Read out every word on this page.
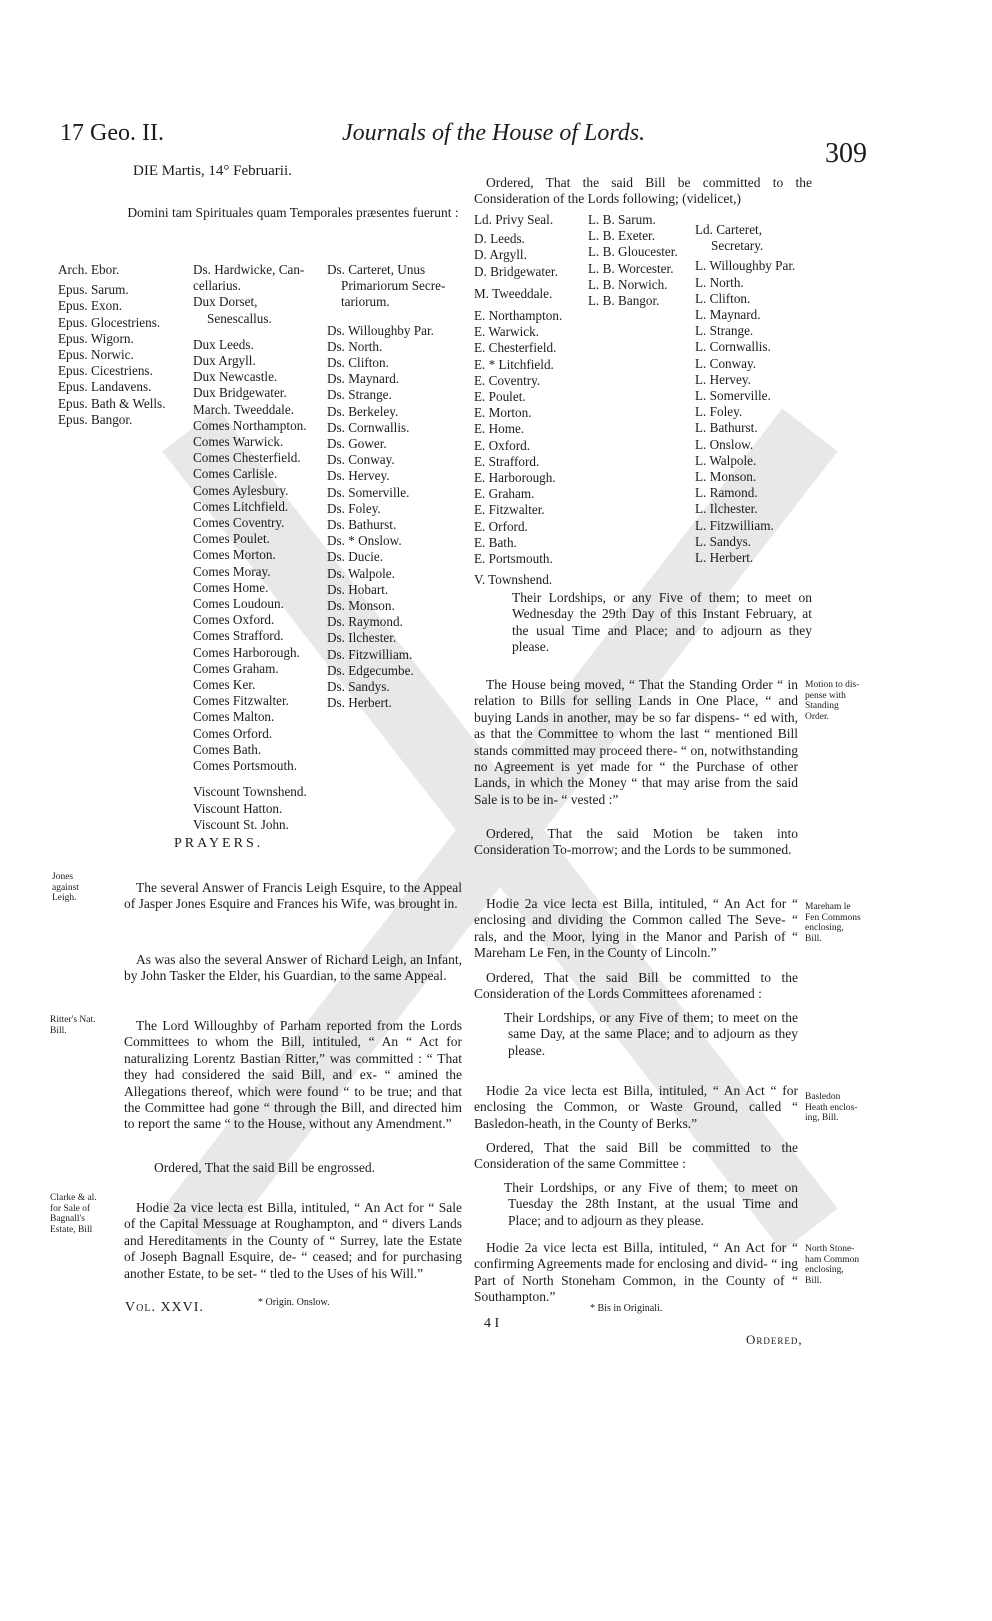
17 Geo. II.	Journals of the House of Lords.
309
DIE Martis, 14° Februarii.
Domini tam Spirituales quam Temporales præsentes fuerunt :
Arch. Ebor.
Epus. Sarum.
Epus. Exon.
Epus. Glocestriens.
Epus. Wigorn.
Epus. Norwic.
Epus. Cicestriens.
Epus. Landavens.
Epus. Bath & Wells.
Epus. Bangor.
Ds. Hardwicke, Can-
cellarius.
Dux Dorset,
Senescallus.
Dux Leeds.
Dux Argyll.
Dux Newcastle.
Dux Bridgewater.
March. Tweeddale.
Comes Northampton.
Comes Warwick.
Comes Chesterfield.
Comes Carlisle.
Comes Aylesbury.
Comes Litchfield.
Comes Coventry.
Comes Poulet.
Comes Morton.
Comes Moray.
Comes Home.
Comes Loudoun.
Comes Oxford.
Comes Strafford.
Comes Harborough.
Comes Graham.
Comes Ker.
Comes Fitzwalter.
Comes Malton.
Comes Orford.
Comes Bath.
Comes Portsmouth.
Viscount Townshend.
Viscount Hatton.
Viscount St. John.
Ds. Carteret, Unus
Primariorum Secre-
tariorum.
Ds. Willoughby Par.
Ds. North.
Ds. Clifton.
Ds. Maynard.
Ds. Strange.
Ds. Berkeley.
Ds. Cornwallis.
Ds. Gower.
Ds. Conway.
Ds. Hervey.
Ds. Somerville.
Ds. Foley.
Ds. Bathurst.
Ds. * Onslow.
Ds. Ducie.
Ds. Walpole.
Ds. Hobart.
Ds. Monson.
Ds. Raymond.
Ds. Ilchester.
Ds. Fitzwilliam.
Ds. Edgecumbe.
Ds. Sandys.
Ds. Herbert.
PRAYERS.
Jones
against
Leigh.
Ritter's Nat.
Bill.
Clarke & al.
for Sale of
Bagnall's
Estate, Bill
The several Answer of Francis Leigh Esquire, to the Appeal of Jasper Jones Esquire and Frances his Wife, was brought in.
As was also the several Answer of Richard Leigh, an Infant, by John Tasker the Elder, his Guardian, to the same Appeal.
The Lord Willoughby of Parham reported from the Lords Committees to whom the Bill, intituled, “ An “ Act for naturalizing Lorentz Bastian Ritter,” was committed : “ That they had considered the said Bill, and ex- “ amined the Allegations thereof, which were found “ to be true; and that the Committee had gone “ through the Bill, and directed him to report the same “ to the House, without any Amendment.”
Ordered, That the said Bill be engrossed.
Hodie 2a vice lecta est Billa, intituled, “ An Act for “ Sale of the Capital Messuage at Roughampton, and “ divers Lands and Hereditaments in the County of “ Surrey, late the Estate of Joseph Bagnall Esquire, de- “ ceased; and for purchasing another Estate, to be set- “ tled to the Uses of his Will.”
* Origin. Onslow.
Vol. XXVI.
Ordered, That the said Bill be committed to the Consideration of the Lords following; (videlicet,)
Ld. Privy Seal.
D. Leeds.
D. Argyll.
D. Bridgewater.
M. Tweeddale.
E. Northampton.
E. Warwick.
E. Chesterfield.
E. * Litchfield.
E. Coventry.
E. Poulet.
E. Morton.
E. Home.
E. Oxford.
E. Strafford.
E. Harborough.
E. Graham.
E. Fitzwalter.
E. Orford.
E. Bath.
E. Portsmouth.
V. Townshend.
L. B. Sarum.
L. B. Exeter.
L. B. Gloucester.
L. B. Worcester.
L. B. Norwich.
L. B. Bangor.
Ld. Carteret,
Secretary.
L. Willoughby Par.
L. North.
L. Clifton.
L. Maynard.
L. Strange.
L. Cornwallis.
L. Conway.
L. Hervey.
L. Somerville.
L. Foley.
L. Bathurst.
L. Onslow.
L. Walpole.
L. Monson.
L. Ramond.
L. Ilchester.
L. Fitzwilliam.
L. Sandys.
L. Herbert.
Their Lordships, or any Five of them; to meet on Wednesday the 29th Day of this Instant February, at the usual Time and Place; and to adjourn as they please.
The House being moved, “ That the Standing Order “ in relation to Bills for selling Lands in One Place, “ and buying Lands in another, may be so far dispens- “ ed with, as that the Committee to whom the last “ mentioned Bill stands committed may proceed there- “ on, notwithstanding no Agreement is yet made for “ the Purchase of other Lands, in which the Money “ that may arise from the said Sale is to be in- “ vested :”
Motion to dis-
pense with
Standing
Order.
Ordered, That the said Motion be taken into Consideration To-morrow; and the Lords to be summoned.
Hodie 2a vice lecta est Billa, intituled, “ An Act for “ enclosing and dividing the Common called The Seve- “ rals, and the Moor, lying in the Manor and Parish of “ Mareham Le Fen, in the County of Lincoln.”
Mareham le
Fen Commons
enclosing,
Bill.
Ordered, That the said Bill be committed to the Consideration of the Lords Committees aforenamed :
Their Lordships, or any Five of them; to meet on the same Day, at the same Place; and to adjourn as they please.
Hodie 2a vice lecta est Billa, intituled, “ An Act “ for enclosing the Common, or Waste Ground, called “ Basledon-heath, in the County of Berks.”
Basledon
Heath enclos-
ing, Bill.
Ordered, That the said Bill be committed to the Consideration of the same Committee :
Their Lordships, or any Five of them; to meet on Tuesday the 28th Instant, at the usual Time and Place; and to adjourn as they please.
Hodie 2a vice lecta est Billa, intituled, “ An Act for “ confirming Agreements made for enclosing and divid- “ ing Part of North Stoneham Common, in the County of “ Southampton.”
North Stone-
ham Common
enclosing,
Bill.
* Bis in Originali.
4 I
Ordered,
